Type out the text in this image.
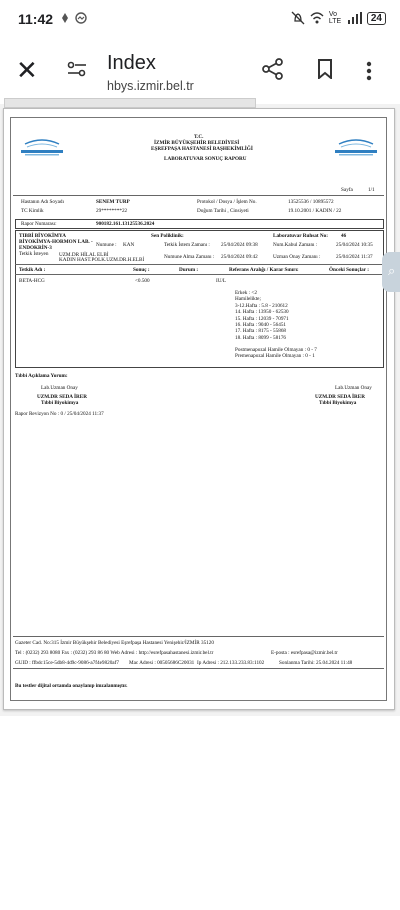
11:42	Vo LTE	24
✕	Index
hbys.izmir.bel.tr
T.C.
İZMİR BÜYÜKŞEHİR BELEDİYESİ
EŞREFPAŞA HASTANESİ BAŞHEKİMLİĞİ
LABORATUVAR SONUÇ RAPORU
Sayfa	1/1
Hastanın Adı Soyadı	SENEM TURP
TC Kimlik	29********22
Protokol / Dosya / İşlem No.	13525536 / 10895572
Doğum Tarihi , Cinsiyeti	19.10.2001 / KADIN / 22
Rapor Numarası:	900182.161.13125536.2024
TIBBİ BİYOKİMYA
BİYOKİMYA-HORMON LAB. - ENDOKRİN-3	Numune : KAN
Tetkik İsteyen UZM.DR HİLAL ELBİ
KADIN HAST.POLK.UZM.DR.H.ELBİ
Sen Poliklinik:
Tetkik İstem Zamanı : 25/04/2024 09:38
Numune Alma Zamanı : 25/04/2024 09:42
Laboratuvar Ruhsat No:	46
Num.Kabul Zamanı :	25/04/2024 10:35
Uzman Onay Zamanı :	25/04/2024 11:37
Tetkik Adı :	Sonuç :	Durum :	Referans Aralığı / Karar Sınırı:	Önceki Sonuçlar :
BETA-HCG	<0.500	IU/L
Erkek : <2
Hamilelikte;
3-12.Hafta : 5.8 - 210612
14. Hafta : 13950 - 62530
15. Hafta : 12039 - 70971
16. Hafta : 9040 - 56451
17. Hafta : 8175 - 55868
18. Hafta : 8099 - 58176
Postmenapozal Hamile Olmayan : 0 - 7
Premenapozal Hamile Olmayan : 0 - 1
Tıbbi Açıklama Yorum:
Lab.Uzman Onay
UZM.DR SEDA İRER
Tıbbi Biyokimya
Lab.Uzman Onay
UZM.DR SEDA İRER
Tıbbi Biyokimya
Rapor Revizyon No : 0 / 25/04/2024 11:37
Gazeter Cad. No:315 İzmir Büyükşehir Belediyesi Eşrefpaşa Hastanesi Yenişehir/İZMİR 35120
Tel : (0232) 293 8080 Fax : (0232) 293 86 80 Web Adresi : http://esrefpasahastanesi.izmir.bel.tr	E-posta : esrefpasa@izmir.bel.tr
GUID : ffbdc15ce-5db8-4d9c-9086-a7f4e9820af7 Mac Adresi : 00505686C20031 Ip Adresi : 212.133.233.83:1102	Sonlanma Tarihi: 25.04.2024 11:48
Bu testler dijital ortamda onaylanıp imzalanmıştır.
⌕
